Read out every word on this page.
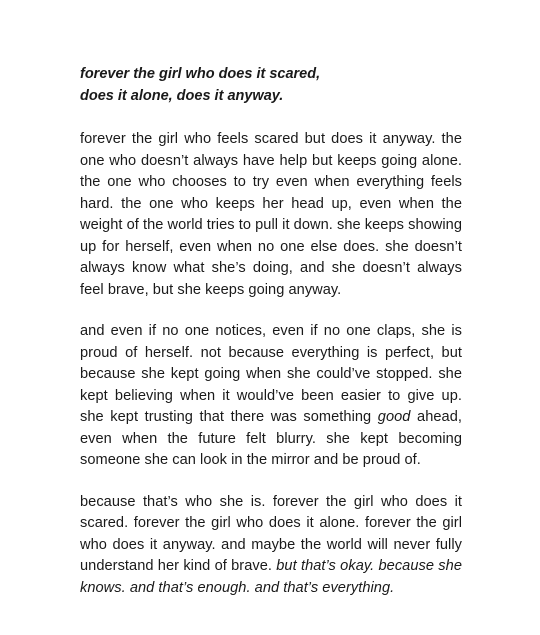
forever the girl who does it scared,
does it alone, does it anyway.

forever the girl who feels scared but does it anyway. the one who doesn’t always have help but keeps going alone. the one who chooses to try even when everything feels hard. the one who keeps her head up, even when the weight of the world tries to pull it down. she keeps showing up for herself, even when no one else does. she doesn’t always know what she’s doing, and she doesn’t always feel brave, but she keeps going anyway.

and even if no one notices, even if no one claps, she is proud of herself. not because everything is perfect, but because she kept going when she could’ve stopped. she kept believing when it would’ve been easier to give up. she kept trusting that there was something good ahead, even when the future felt blurry. she kept becoming someone she can look in the mirror and be proud of.

because that’s who she is. forever the girl who does it scared. forever the girl who does it alone. forever the girl who does it anyway. and maybe the world will never fully understand her kind of brave. but that’s okay. because she knows. and that’s enough. and that’s everything.
